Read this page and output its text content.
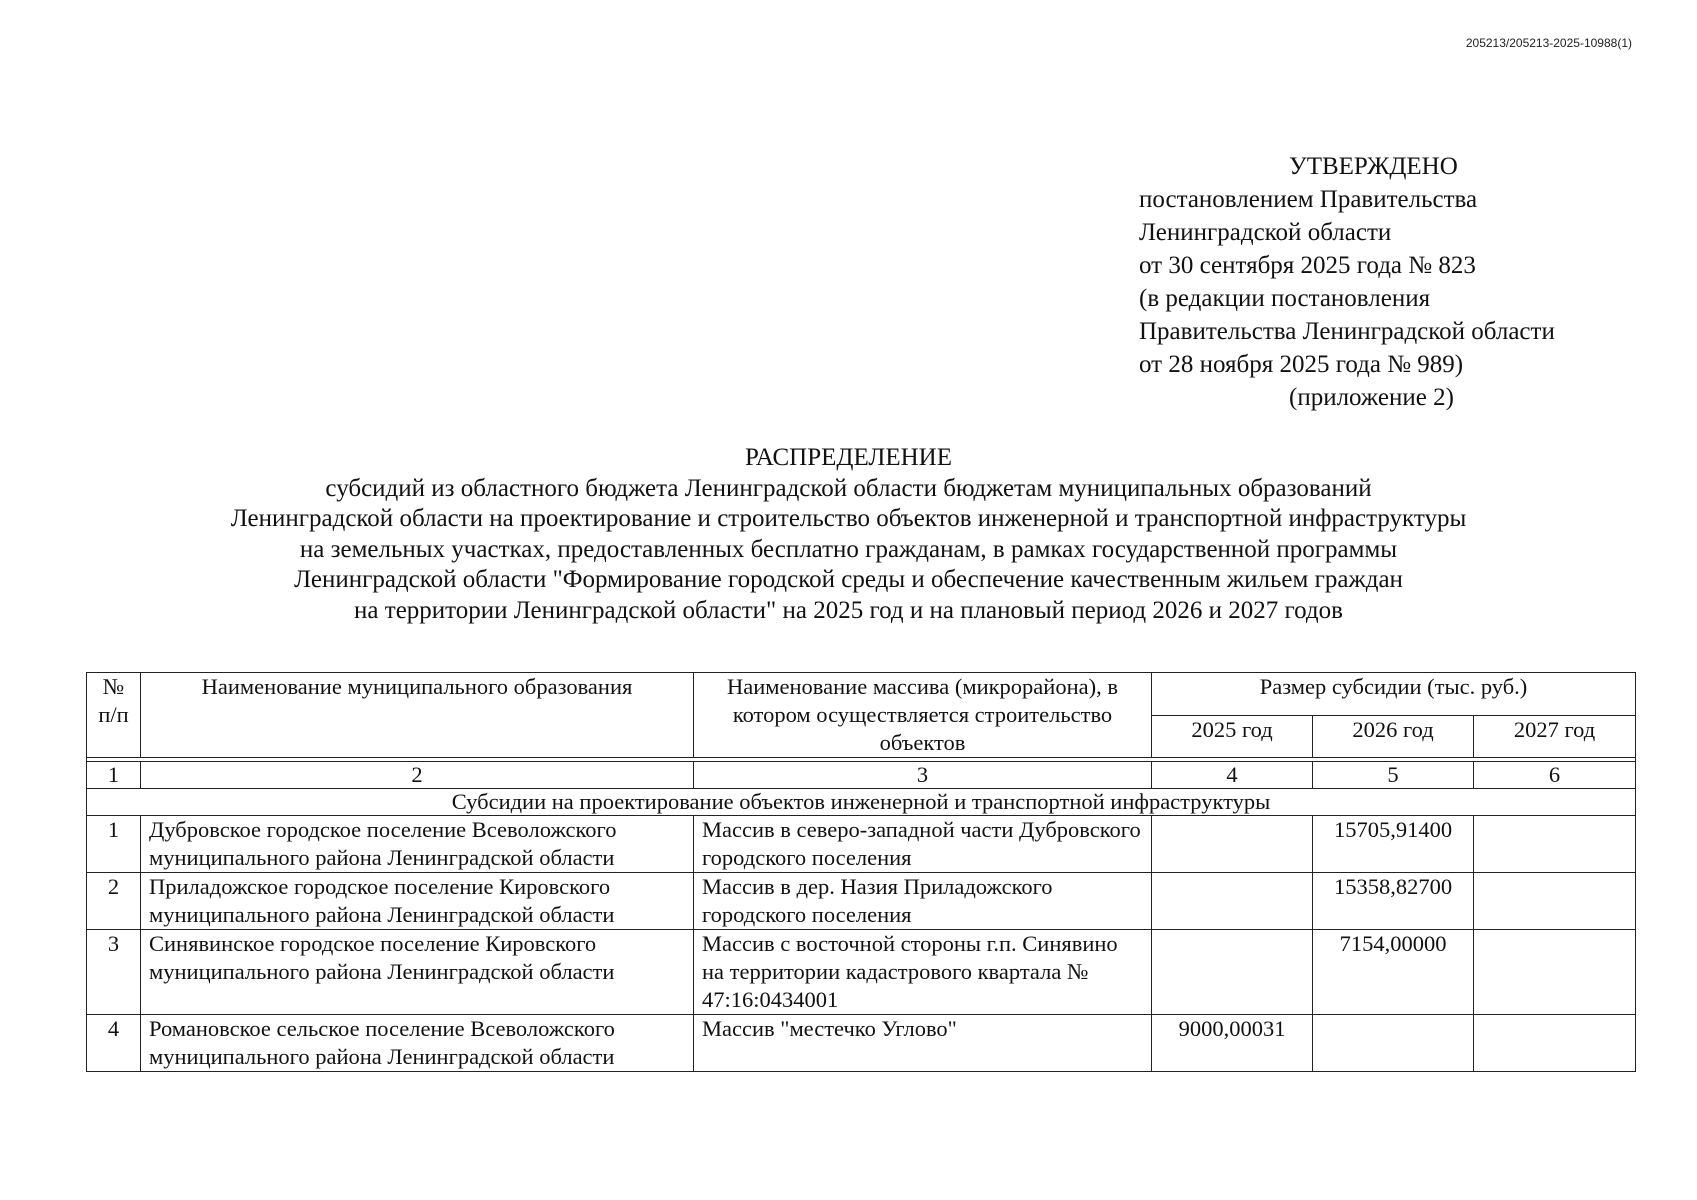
205213/205213-2025-10988(1)
УТВЕРЖДЕНО
постановлением Правительства
Ленинградской области
от 30 сентября 2025 года № 823
(в редакции постановления
Правительства Ленинградской области
от 28 ноября 2025 года № 989)
(приложение 2)
РАСПРЕДЕЛЕНИЕ
субсидий из областного бюджета Ленинградской области бюджетам муниципальных образований
Ленинградской области на проектирование и строительство объектов инженерной и транспортной инфраструктуры
на земельных участках, предоставленных бесплатно гражданам, в рамках государственной программы
Ленинградской области "Формирование городской среды и обеспечение качественным жильем граждан
на территории Ленинградской области" на 2025 год и на плановый период 2026 и 2027 годов
№ п/п	Наименование муниципального образования	Наименование массива (микрорайона), в котором осуществляется строительство объектов	Размер субсидии (тыс. руб.)		
			2025 год	2026 год	2027 год

1	2	3	4	5	6
Субсидии на проектирование объектов инженерной и транспортной инфраструктуры					
1	Дубровское городское поселение Всеволожского муниципального района Ленинградской области	Массив в северо-западной части Дубровского городского поселения		15705,91400	
2	Приладожское городское поселение Кировского муниципального района Ленинградской области	Массив в дер. Назия Приладожского городского поселения		15358,82700	
3	Синявинское городское поселение Кировского муниципального района Ленинградской области	Массив с восточной стороны г.п. Синявино на территории кадастрового квартала № 47:16:0434001		7154,00000	
4	Романовское сельское поселение Всеволожского муниципального района Ленинградской области	Массив "местечко Углово"	9000,00031		
